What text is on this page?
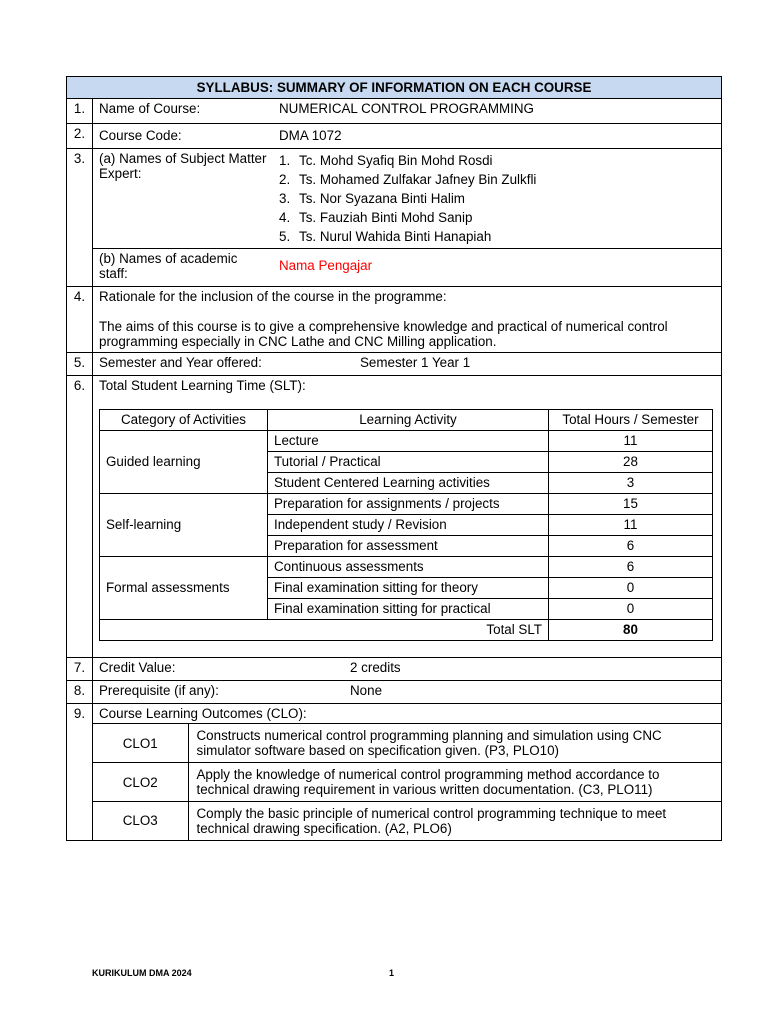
SYLLABUS: SUMMARY OF INFORMATION ON EACH COURSE
1.	Name of Course:	NUMERICAL CONTROL PROGRAMMING

2.	Course Code:	DMA 1072

3.	(a) Names of Subject Matter Expert:
1. Tc. Mohd Syafiq Bin Mohd Rosdi
2. Ts. Mohamed Zulfakar Jafney Bin Zulkfli
3. Ts. Nor Syazana Binti Halim
4. Ts. Fauziah Binti Mohd Sanip
5. Ts. Nurul Wahida Binti Hanapiah

(b) Names of academic staff:
Nama Pengajar

4.	Rationale for the inclusion of the course in the programme:
The aims of this course is to give a comprehensive knowledge and practical of numerical control programming especially in CNC Lathe and CNC Milling application.

5.	Semester and Year offered:	Semester 1 Year 1

6.	Total Student Learning Time (SLT):
Category of Activities	Learning Activity	Total Hours / Semester
Guided learning	Lecture	11
Tutorial / Practical	28
Student Centered Learning activities	3
Self-learning	Preparation for assignments / projects	15
Independent study / Revision	11
Preparation for assessment	6
Formal assessments	Continuous assessments	6
Final examination sitting for theory	0
Final examination sitting for practical	0
Total SLT	80

7.	Credit Value:	2 credits

8.	Prerequisite (if any):	None

9.	Course Learning Outcomes (CLO):
CLO1	Constructs numerical control programming planning and simulation using CNC simulator software based on specification given. (P3, PLO10)
CLO2	Apply the knowledge of numerical control programming method accordance to technical drawing requirement in various written documentation. (C3, PLO11)
CLO3	Comply the basic principle of numerical control programming technique to meet technical drawing specification. (A2, PLO6)
KURIKULUM DMA 2024	1
